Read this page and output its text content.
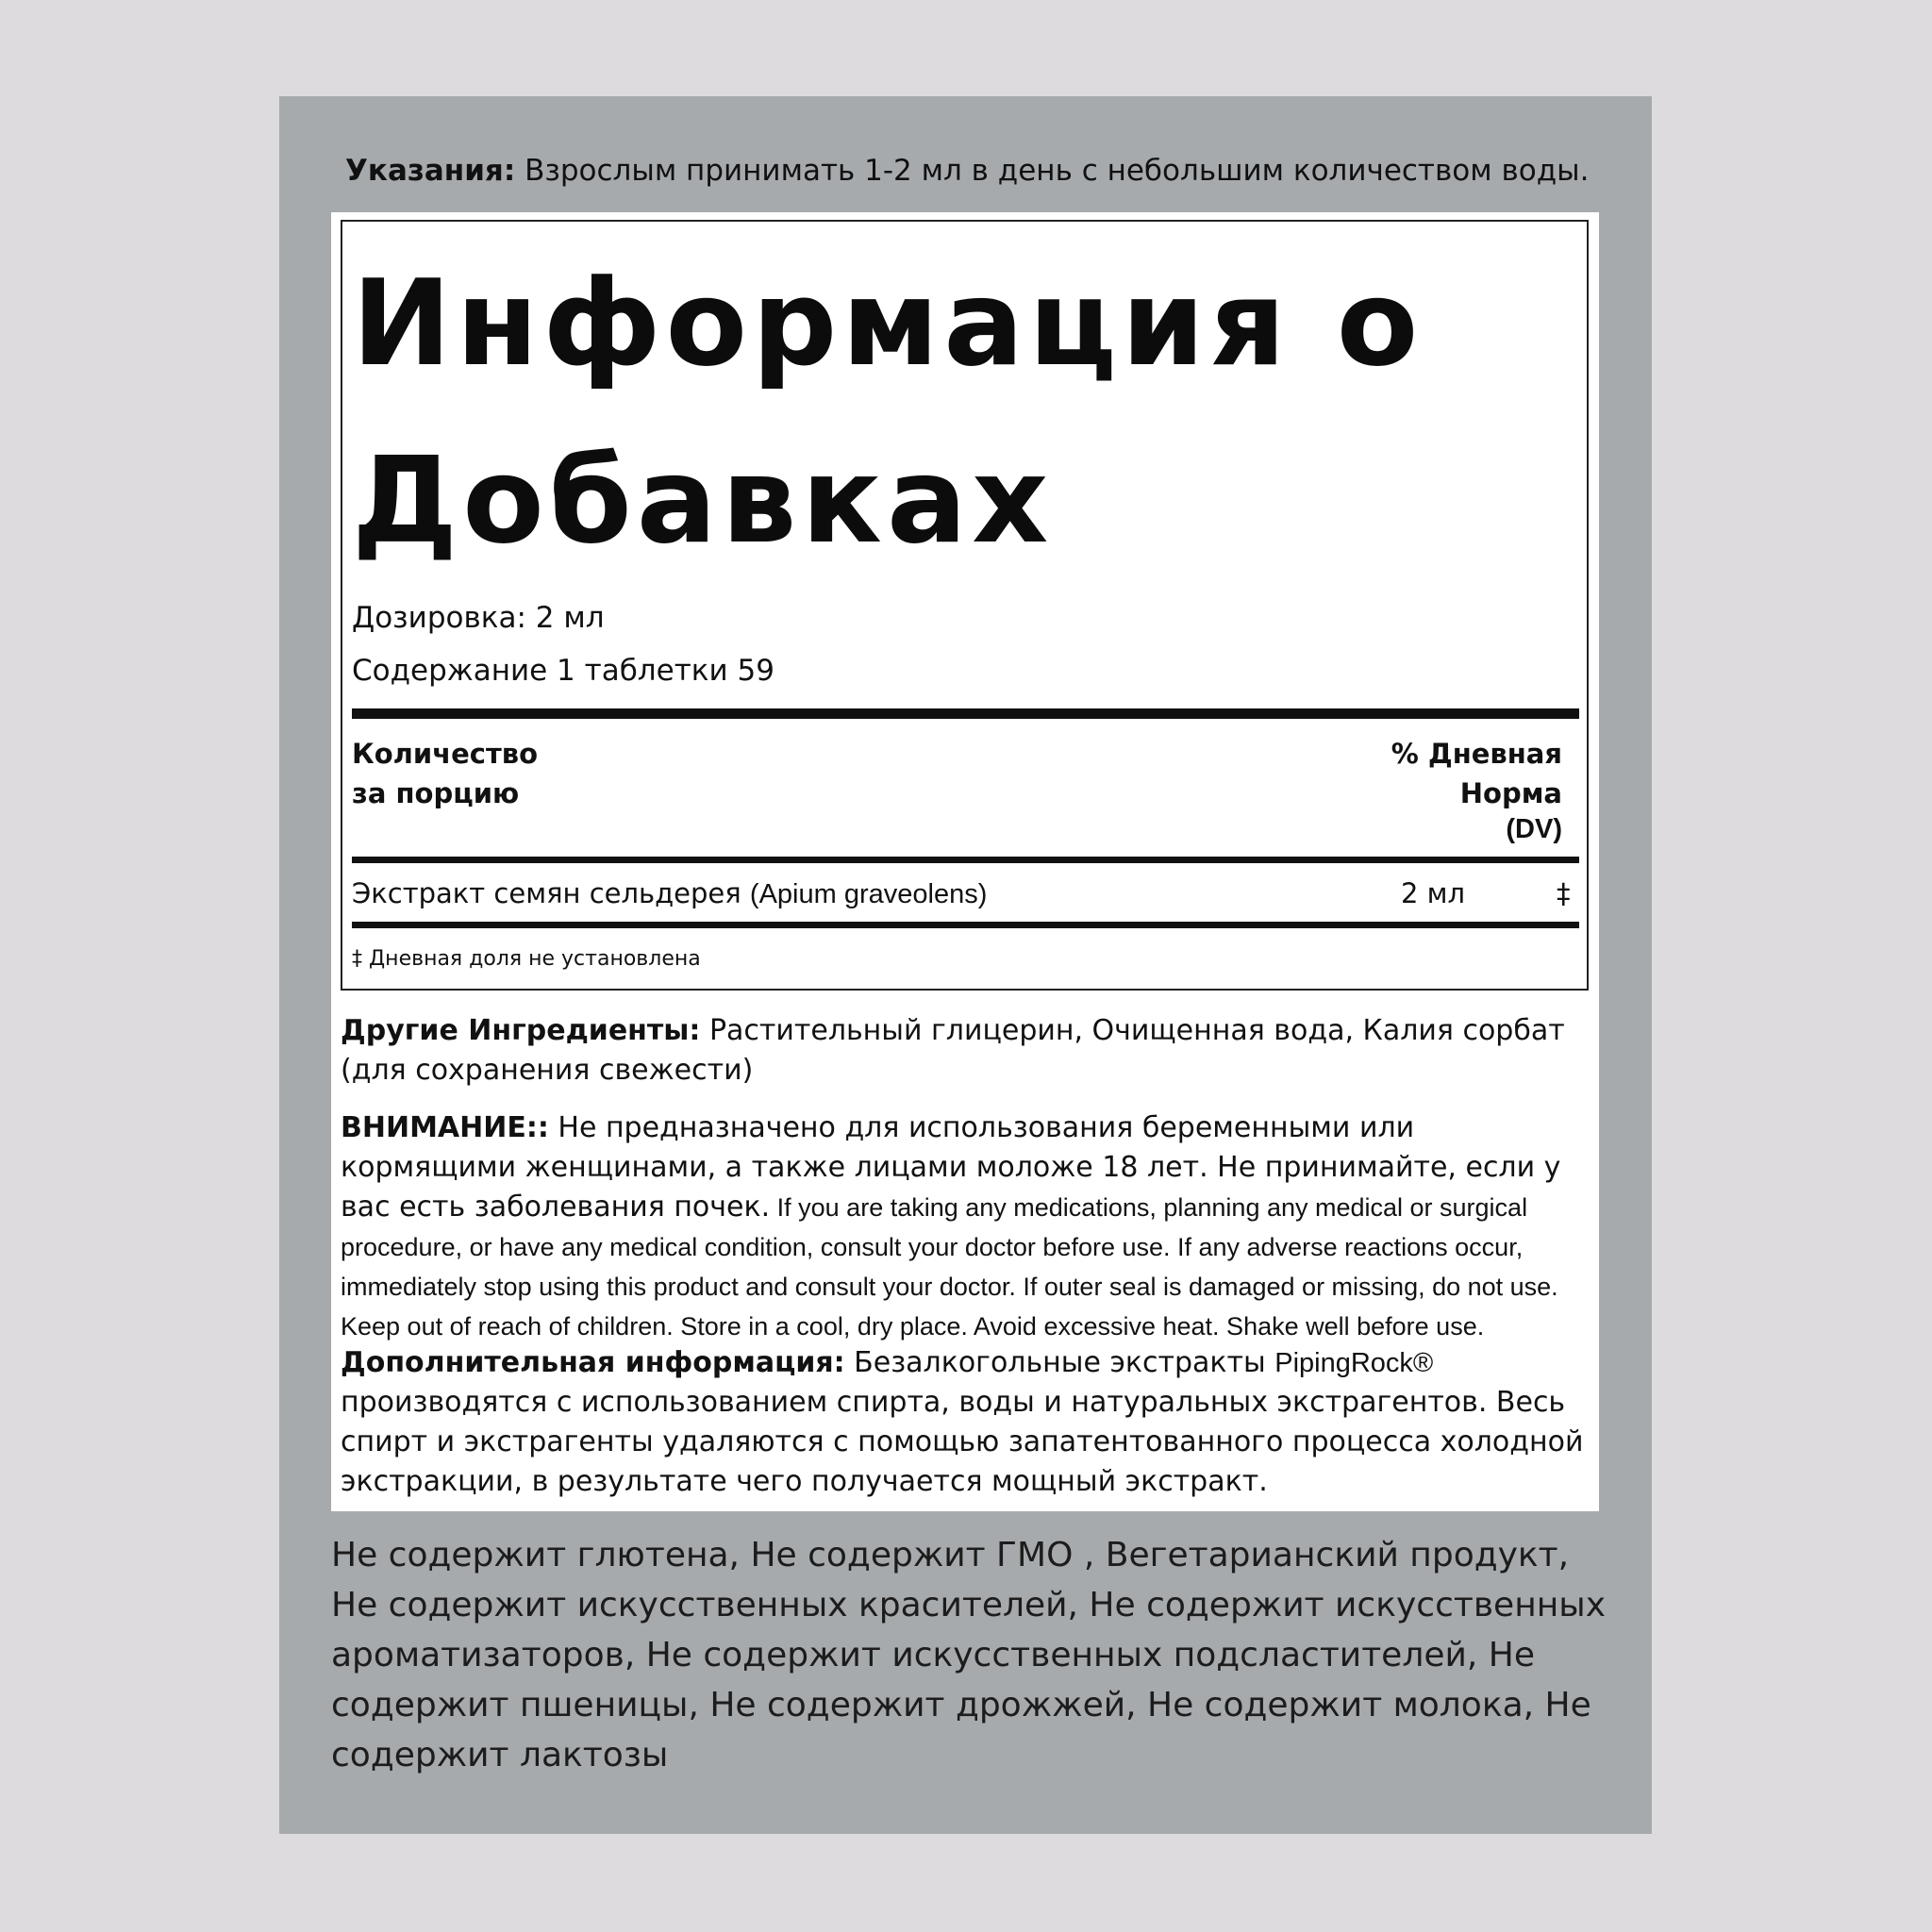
Указания: Взрослым принимать 1-2 мл в день с небольшим количеством воды.
Информация о Добавках
Дозировка: 2 мл
Содержание 1 таблетки 59
Количество
за порцию
% Дневная
Норма
(DV)
Экстракт семян сельдерея (Apium graveolens)	2 мл	‡
‡ Дневная доля не установлена
Другие Ингредиенты: Растительный глицерин, Очищенная вода, Калия сорбат (для сохранения свежести)
ВНИМАНИЕ:: Не предназначено для использования беременными или кормящими женщинами, а также лицами моложе 18 лет. Не принимайте, если у вас есть заболевания почек. If you are taking any medications, planning any medical or surgical procedure, or have any medical condition, consult your doctor before use. If any adverse reactions occur, immediately stop using this product and consult your doctor. If outer seal is damaged or missing, do not use. Keep out of reach of children. Store in a cool, dry place. Avoid excessive heat. Shake well before use.
Дополнительная информация: Безалкогольные экстракты PipingRock® производятся с использованием спирта, воды и натуральных экстрагентов. Весь спирт и экстрагенты удаляются с помощью запатентованного процесса холодной экстракции, в результате чего получается мощный экстракт.
Не содержит глютена, Не содержит ГМО , Вегетарианский продукт, Не содержит искусственных красителей, Не содержит искусственных ароматизаторов, Не содержит искусственных подсластителей, Не содержит пшеницы, Не содержит дрожжей, Не содержит молока, Не содержит лактозы
